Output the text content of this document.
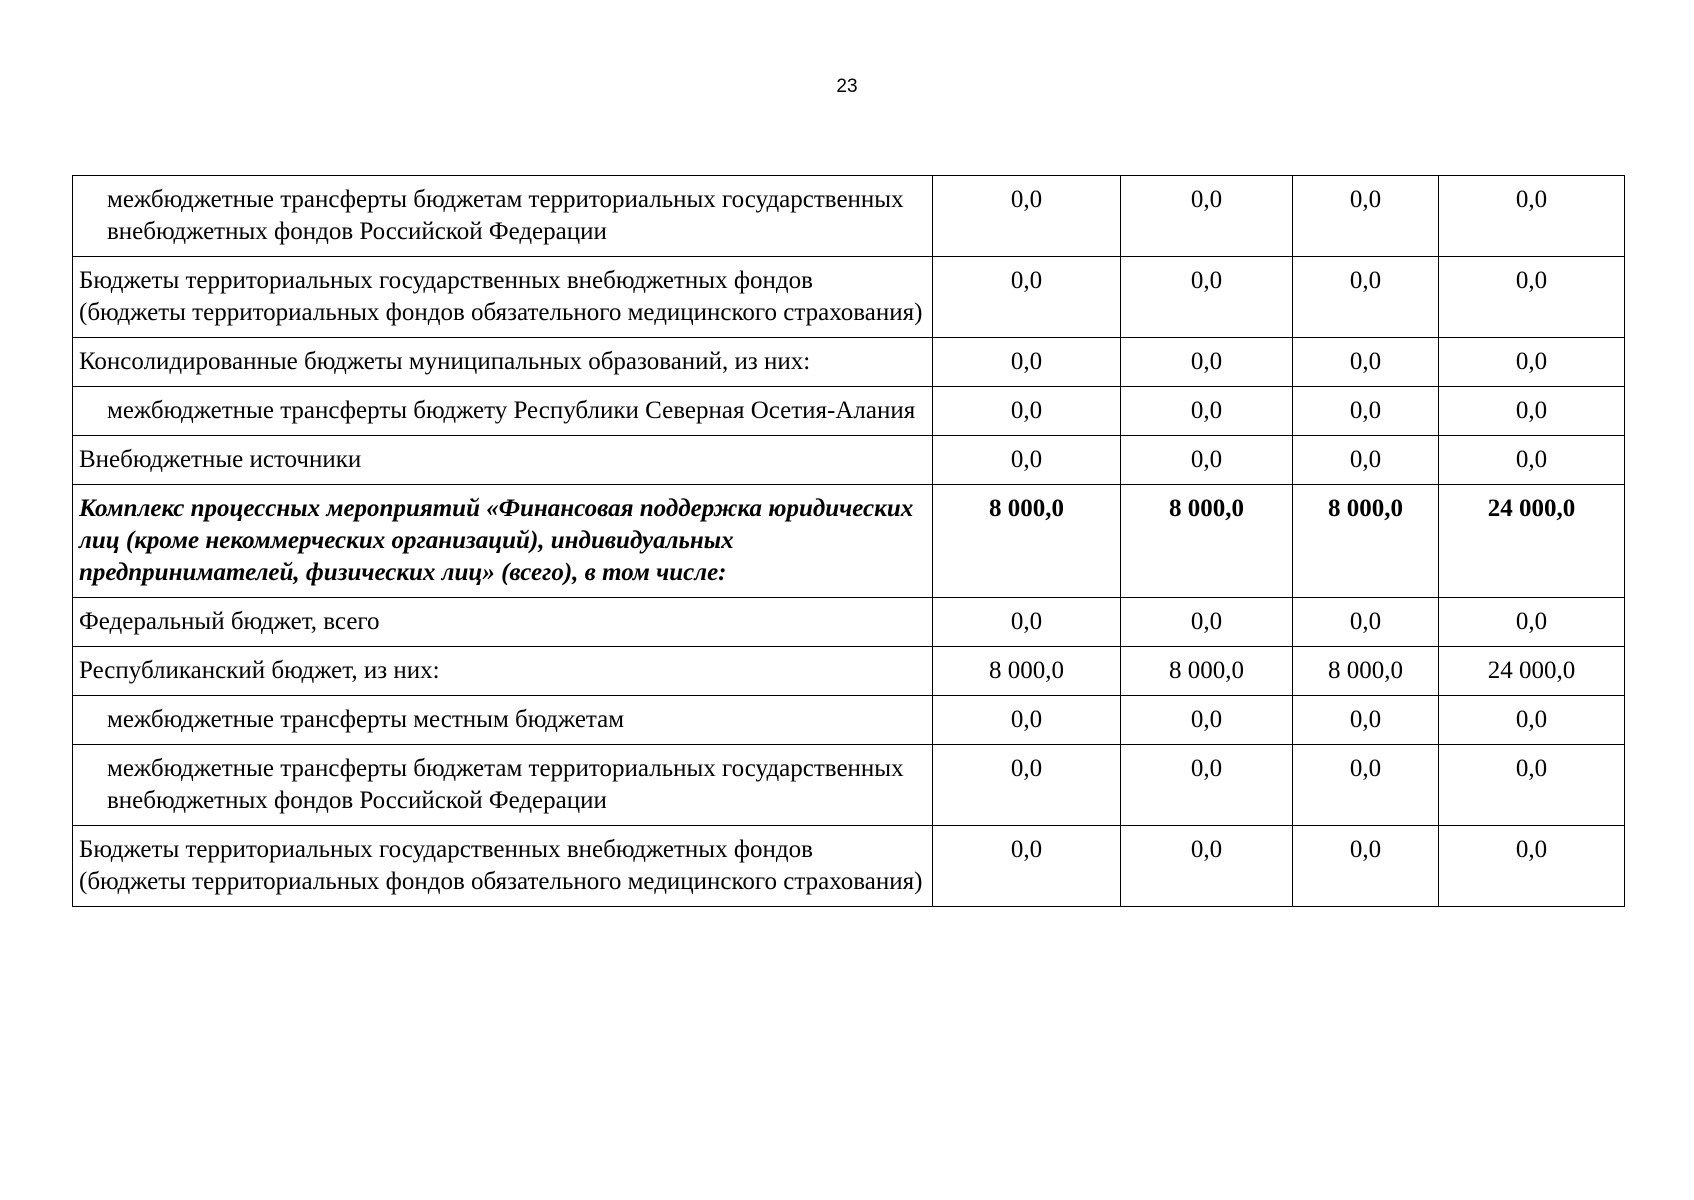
23
межбюджетные трансферты бюджетам территориальных государственных внебюджетных фондов Российской Федерации	0,0	0,0	0,0	0,0
Бюджеты территориальных государственных внебюджетных фондов (бюджеты территориальных фондов обязательного медицинского страхования)	0,0	0,0	0,0	0,0
Консолидированные бюджеты муниципальных образований, из них:	0,0	0,0	0,0	0,0
межбюджетные трансферты бюджету Республики Северная Осетия-Алания	0,0	0,0	0,0	0,0
Внебюджетные источники	0,0	0,0	0,0	0,0
Комплекс процессных мероприятий «Финансовая поддержка юридических лиц (кроме некоммерческих организаций), индивидуальных предпринимателей, физических лиц» (всего), в том числе:	8 000,0	8 000,0	8 000,0	24 000,0
Федеральный бюджет, всего	0,0	0,0	0,0	0,0
Республиканский бюджет, из них:	8 000,0	8 000,0	8 000,0	24 000,0
межбюджетные трансферты местным бюджетам	0,0	0,0	0,0	0,0
межбюджетные трансферты бюджетам территориальных государственных внебюджетных фондов Российской Федерации	0,0	0,0	0,0	0,0
Бюджеты территориальных государственных внебюджетных фондов (бюджеты территориальных фондов обязательного медицинского страхования)	0,0	0,0	0,0	0,0
